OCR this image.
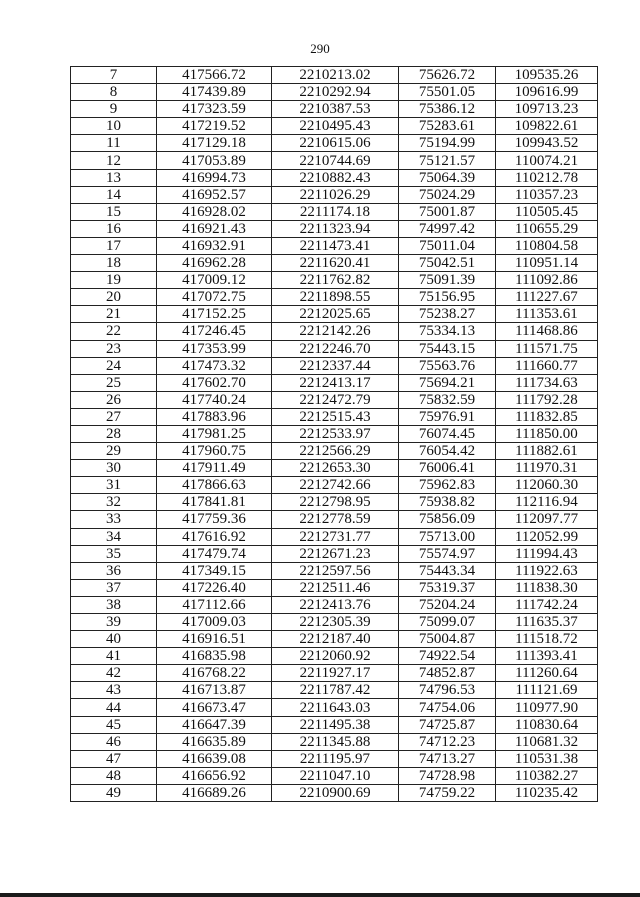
290
7	417566.72	2210213.02	75626.72	109535.26
8	417439.89	2210292.94	75501.05	109616.99
9	417323.59	2210387.53	75386.12	109713.23
10	417219.52	2210495.43	75283.61	109822.61
11	417129.18	2210615.06	75194.99	109943.52
12	417053.89	2210744.69	75121.57	110074.21
13	416994.73	2210882.43	75064.39	110212.78
14	416952.57	2211026.29	75024.29	110357.23
15	416928.02	2211174.18	75001.87	110505.45
16	416921.43	2211323.94	74997.42	110655.29
17	416932.91	2211473.41	75011.04	110804.58
18	416962.28	2211620.41	75042.51	110951.14
19	417009.12	2211762.82	75091.39	111092.86
20	417072.75	2211898.55	75156.95	111227.67
21	417152.25	2212025.65	75238.27	111353.61
22	417246.45	2212142.26	75334.13	111468.86
23	417353.99	2212246.70	75443.15	111571.75
24	417473.32	2212337.44	75563.76	111660.77
25	417602.70	2212413.17	75694.21	111734.63
26	417740.24	2212472.79	75832.59	111792.28
27	417883.96	2212515.43	75976.91	111832.85
28	417981.25	2212533.97	76074.45	111850.00
29	417960.75	2212566.29	76054.42	111882.61
30	417911.49	2212653.30	76006.41	111970.31
31	417866.63	2212742.66	75962.83	112060.30
32	417841.81	2212798.95	75938.82	112116.94
33	417759.36	2212778.59	75856.09	112097.77
34	417616.92	2212731.77	75713.00	112052.99
35	417479.74	2212671.23	75574.97	111994.43
36	417349.15	2212597.56	75443.34	111922.63
37	417226.40	2212511.46	75319.37	111838.30
38	417112.66	2212413.76	75204.24	111742.24
39	417009.03	2212305.39	75099.07	111635.37
40	416916.51	2212187.40	75004.87	111518.72
41	416835.98	2212060.92	74922.54	111393.41
42	416768.22	2211927.17	74852.87	111260.64
43	416713.87	2211787.42	74796.53	111121.69
44	416673.47	2211643.03	74754.06	110977.90
45	416647.39	2211495.38	74725.87	110830.64
46	416635.89	2211345.88	74712.23	110681.32
47	416639.08	2211195.97	74713.27	110531.38
48	416656.92	2211047.10	74728.98	110382.27
49	416689.26	2210900.69	74759.22	110235.42
